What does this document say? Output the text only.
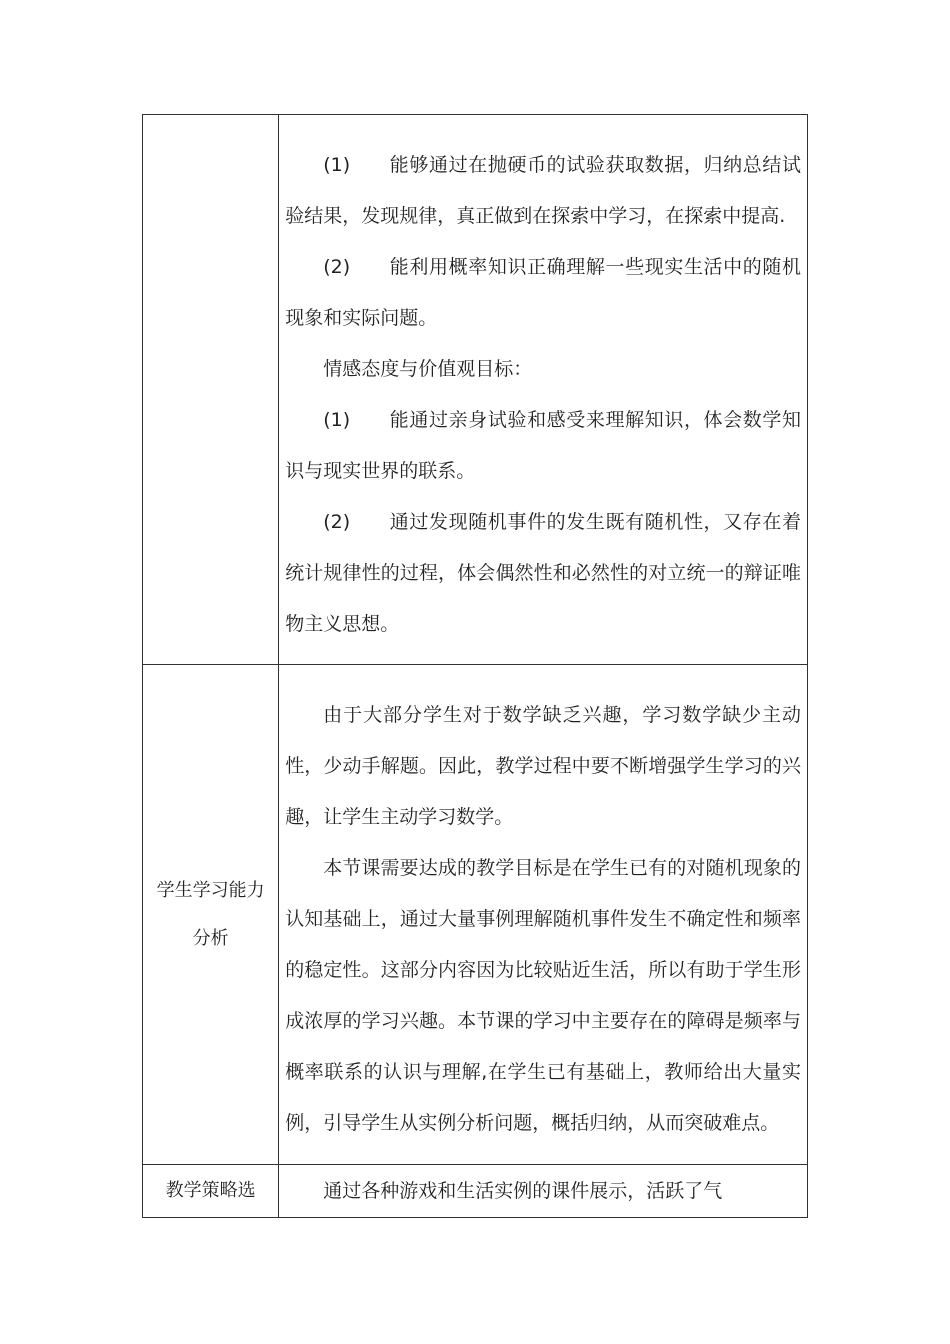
	(1) 能够通过在抛硬币的试验获取数据，归纳总结试验结果，发现规律，真正做到在探索中学习，在探索中提高.

(2) 能利用概率知识正确理解一些现实生活中的随机现象和实际问题。

情感态度与价值观目标：

(1) 能通过亲身试验和感受来理解知识，体会数学知识与现实世界的联系。

(2) 通过发现随机事件的发生既有随机性，又存在着统计规律性的过程，体会偶然性和必然性的对立统一的辩证唯物主义思想。

学生学习能力分析	由于大部分学生对于数学缺乏兴趣，学习数学缺少主动性，少动手解题。因此，教学过程中要不断增强学生学习的兴趣，让学生主动学习数学。

本节课需要达成的教学目标是在学生已有的对随机现象的认知基础上，通过大量事例理解随机事件发生不确定性和频率的稳定性。这部分内容因为比较贴近生活，所以有助于学生形成浓厚的学习兴趣。本节课的学习中主要存在的障碍是频率与概率联系的认识与理解,在学生已有基础上，教师给出大量实例，引导学生从实例分析问题，概括归纳，从而突破难点。

教学策略选	通过各种游戏和生活实例的课件展示，活跃了气
